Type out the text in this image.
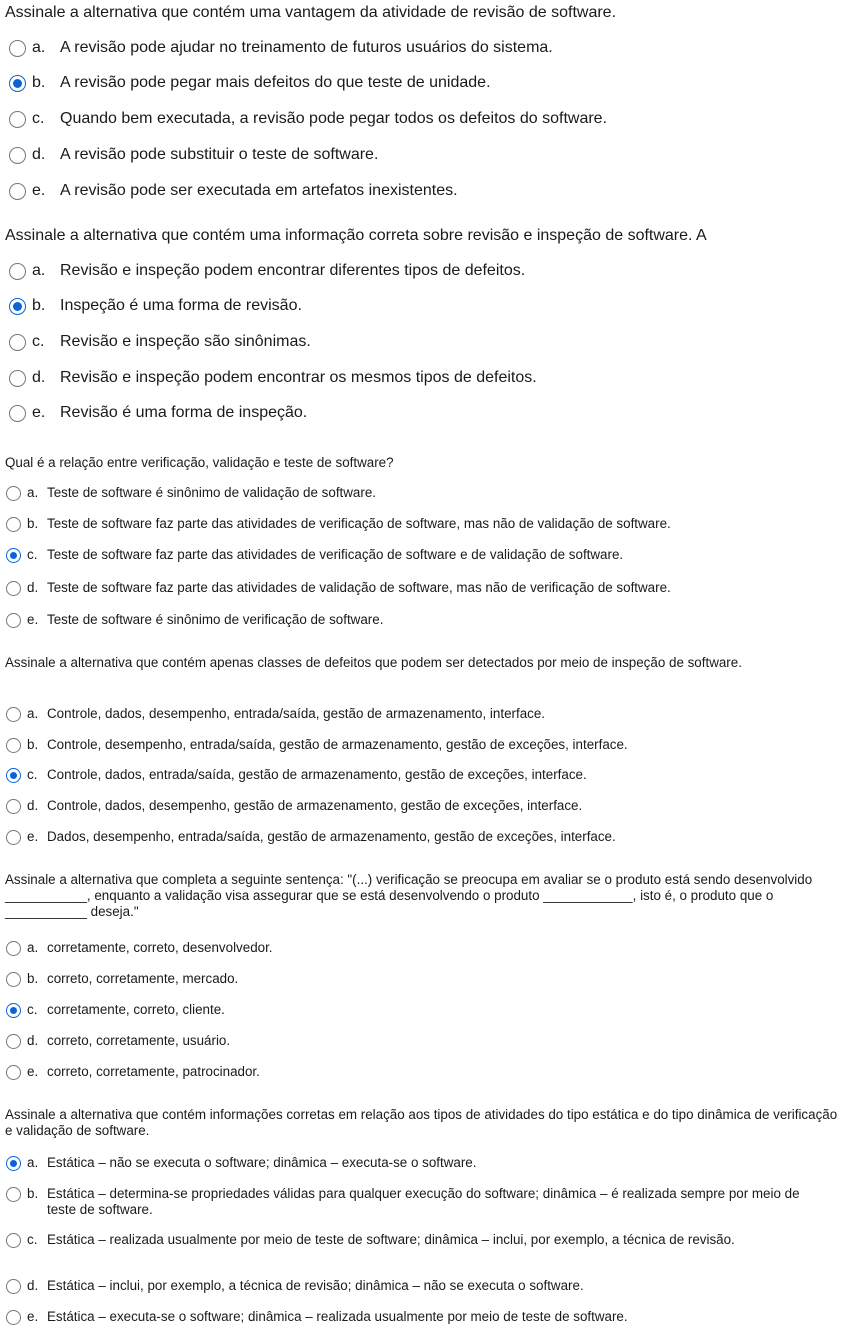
Assinale a alternativa que contém uma vantagem da atividade de revisão de software.
a. A revisão pode ajudar no treinamento de futuros usuários do sistema.
b. A revisão pode pegar mais defeitos do que teste de unidade.
c. Quando bem executada, a revisão pode pegar todos os defeitos do software.
d. A revisão pode substituir o teste de software.
e. A revisão pode ser executada em artefatos inexistentes.
Assinale a alternativa que contém uma informação correta sobre revisão e inspeção de software. A
a. Revisão e inspeção podem encontrar diferentes tipos de defeitos.
b. Inspeção é uma forma de revisão.
c. Revisão e inspeção são sinônimas.
d. Revisão e inspeção podem encontrar os mesmos tipos de defeitos.
e. Revisão é uma forma de inspeção.
Qual é a relação entre verificação, validação e teste de software?
a. Teste de software é sinônimo de validação de software.
b. Teste de software faz parte das atividades de verificação de software, mas não de validação de software.
c. Teste de software faz parte das atividades de verificação de software e de validação de software.
d. Teste de software faz parte das atividades de validação de software, mas não de verificação de software.
e. Teste de software é sinônimo de verificação de software.
Assinale a alternativa que contém apenas classes de defeitos que podem ser detectados por meio de inspeção de software.
a. Controle, dados, desempenho, entrada/saída, gestão de armazenamento, interface.
b. Controle, desempenho, entrada/saída, gestão de armazenamento, gestão de exceções, interface.
c. Controle, dados, entrada/saída, gestão de armazenamento, gestão de exceções, interface.
d. Controle, dados, desempenho, gestão de armazenamento, gestão de exceções, interface.
e. Dados, desempenho, entrada/saída, gestão de armazenamento, gestão de exceções, interface.
Assinale a alternativa que completa a seguinte sentença: "(...) verificação se preocupa em avaliar se o produto está sendo desenvolvido ___________, enquanto a validação visa assegurar que se está desenvolvendo o produto ____________, isto é, o produto que o ___________ deseja."
a. corretamente, correto, desenvolvedor.
b. correto, corretamente, mercado.
c. corretamente, correto, cliente.
d. correto, corretamente, usuário.
e. correto, corretamente, patrocinador.
Assinale a alternativa que contém informações corretas em relação aos tipos de atividades do tipo estática e do tipo dinâmica de verificação e validação de software.
a. Estática – não se executa o software; dinâmica – executa-se o software.
b. Estática – determina-se propriedades válidas para qualquer execução do software; dinâmica – é realizada sempre por meio de teste de software.
c. Estática – realizada usualmente por meio de teste de software; dinâmica – inclui, por exemplo, a técnica de revisão.
d. Estática – inclui, por exemplo, a técnica de revisão; dinâmica – não se executa o software.
e. Estática – executa-se o software; dinâmica – realizada usualmente por meio de teste de software.
